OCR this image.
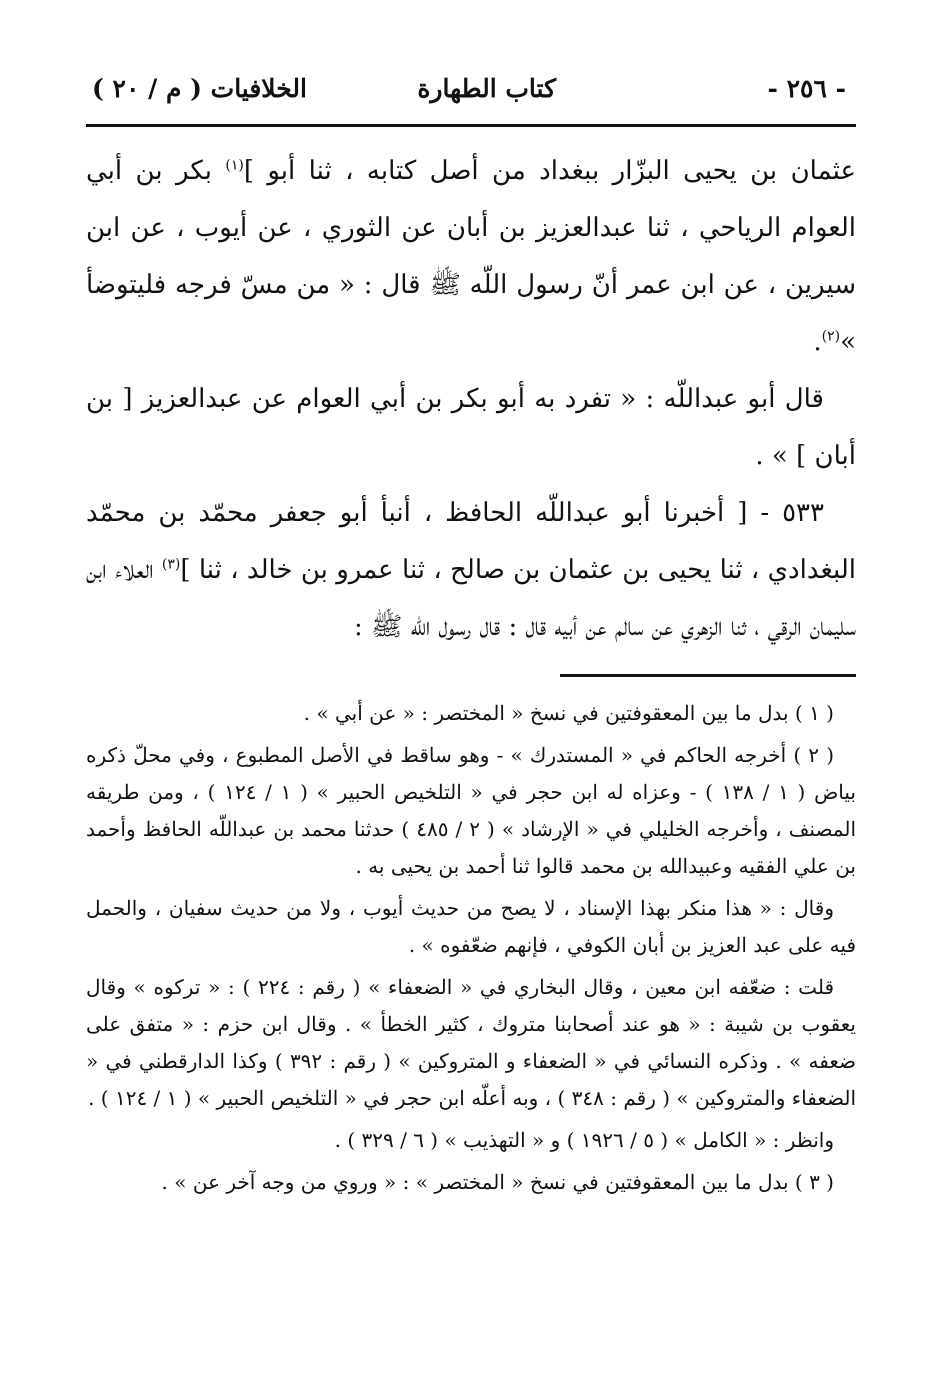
- ٢٥٦ -
كتاب الطهارة
الخلافيات ( م / ٢٠ )

عثمان بن يحيى البزّار ببغداد من أصل كتابه ، ثنا أبو ]$^{(١)}$ بكر بن أبي العوام الرياحي ، ثنا عبدالعزيز بن أبان عن الثوري ، عن أيوب ، عن ابن سيرين ، عن ابن عمر أنّ رسول اللّه ﷺ قال : « من مسّ فرجه فليتوضأ »$^{(٢)}$.

قال أبو عبداللّه : « تفرد به أبو بكر بن أبي العوام عن عبدالعزيز [ بن أبان ] » .

٥٣٣ - [ أخبرنا أبو عبداللّه الحافظ ، أنبأ أبو جعفر محمّد بن محمّد البغدادي ، ثنا يحيى بن عثمان بن صالح ، ثنا عمرو بن خالد ، ثنا ]$^{(٣)}$ العلاء ابن سليمان الرقي ، ثنا الزهري عن سالم عن أبيه قال : قال رسول اللّه ﷺ :

( ١ ) بدل ما بين المعقوفتين في نسخ « المختصر : « عن أبي » .

( ٢ ) أخرجه الحاكم في « المستدرك » - وهو ساقط في الأصل المطبوع ، وفي محلّ ذكره بياض ( ١ / ١٣٨ ) - وعزاه له ابن حجر في « التلخيص الحبير » ( ١ / ١٢٤ ) ، ومن طريقه المصنف ، وأخرجه الخليلي في « الإرشاد » ( ٢ / ٤٨٥ ) حدثنا محمد بن عبداللّه الحافظ وأحمد بن علي الفقيه وعبيدالله بن محمد قالوا ثنا أحمد بن يحيى به .

وقال : « هذا منكر بهذا الإسناد ، لا يصح من حديث أيوب ، ولا من حديث سفيان ، والحمل فيه على عبد العزيز بن أبان الكوفي ، فإنهم ضعّفوه » .

قلت : ضعّفه ابن معين ، وقال البخاري في « الضعفاء » ( رقم : ٢٢٤ ) : « تركوه » وقال يعقوب بن شيبة : « هو عند أصحابنا متروك ، كثير الخطأ » . وقال ابن حزم : « متفق على ضعفه » . وذكره النسائي في « الضعفاء و المتروكين » ( رقم : ٣٩٢ ) وكذا الدارقطني في « الضعفاء والمتروكين » ( رقم : ٣٤٨ ) ، وبه أعلّه ابن حجر في « التلخيص الحبير » ( ١ / ١٢٤ ) .

وانظر : « الكامل » ( ٥ / ١٩٢٦ ) و « التهذيب » ( ٦ / ٣٢٩ ) .

( ٣ ) بدل ما بين المعقوفتين في نسخ « المختصر » : « وروي من وجه آخر عن » .
